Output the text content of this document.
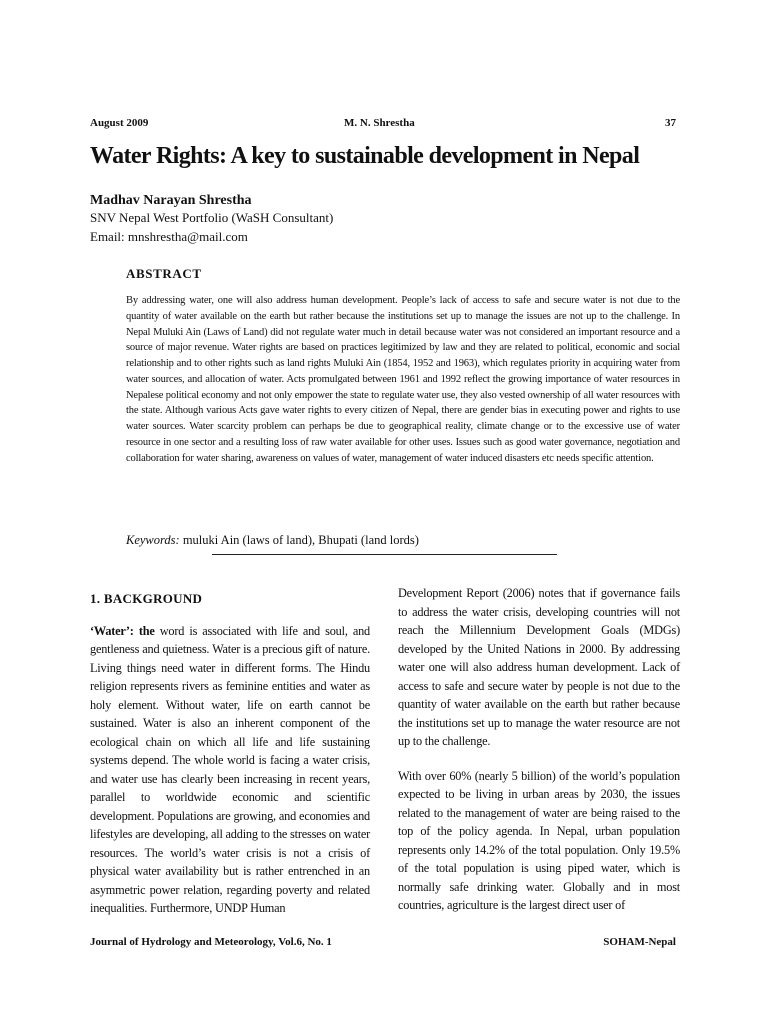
August 2009	M. N. Shrestha	37
Water Rights: A key to sustainable development in Nepal
Madhav Narayan Shrestha
SNV Nepal West Portfolio (WaSH Consultant)
Email: mnshrestha@mail.com
ABSTRACT

By addressing water, one will also address human development. People’s lack of access to safe and secure water is not due to the quantity of water available on the earth but rather because the institutions set up to manage the issues are not up to the challenge. In Nepal Muluki Ain (Laws of Land) did not regulate water much in detail because water was not considered an important resource and a source of major revenue. Water rights are based on practices legitimized by law and they are related to political, economic and social relationship and to other rights such as land rights Muluki Ain (1854, 1952 and 1963), which regulates priority in acquiring water from water sources, and allocation of water. Acts promulgated between 1961 and 1992 reflect the growing importance of water resources in Nepalese political economy and not only empower the state to regulate water use, they also vested ownership of all water resources with the state. Although various Acts gave water rights to every citizen of Nepal, there are gender bias in executing power and rights to use water sources. Water scarcity problem can perhaps be due to geographical reality, climate change or to the excessive use of water resource in one sector and a resulting loss of raw water available for other uses. Issues such as good water governance, negotiation and collaboration for water sharing, awareness on values of water, management of water induced disasters etc needs specific attention.

Keywords: muluki Ain (laws of land), Bhupati (land lords)

1. BACKGROUND

‘Water’: the word is associated with life and soul, and gentleness and quietness. Water is a precious gift of nature. Living things need water in different forms. The Hindu religion represents rivers as feminine entities and water as holy element. Without water, life on earth cannot be sustained. Water is also an inherent component of the ecological chain on which all life and life sustaining systems depend. The whole world is facing a water crisis, and water use has clearly been increasing in recent years, parallel to worldwide economic and scientific development. Populations are growing, and economies and lifestyles are developing, all adding to the stresses on water resources. The world’s water crisis is not a crisis of physical water availability but is rather entrenched in an asymmetric power relation, regarding poverty and related inequalities. Furthermore, UNDP Human

Development Report (2006) notes that if governance fails to address the water crisis, developing countries will not reach the Millennium Development Goals (MDGs) developed by the United Nations in 2000. By addressing water one will also address human development. Lack of access to safe and secure water by people is not due to the quantity of water available on the earth but rather because the institutions set up to manage the water resource are not up to the challenge.

With over 60% (nearly 5 billion) of the world’s population expected to be living in urban areas by 2030, the issues related to the management of water are being raised to the top of the policy agenda. In Nepal, urban population represents only 14.2% of the total population. Only 19.5% of the total population is using piped water, which is normally safe drinking water. Globally and in most countries, agriculture is the largest direct user of

Journal of Hydrology and Meteorology, Vol.6, No. 1	SOHAM-Nepal
